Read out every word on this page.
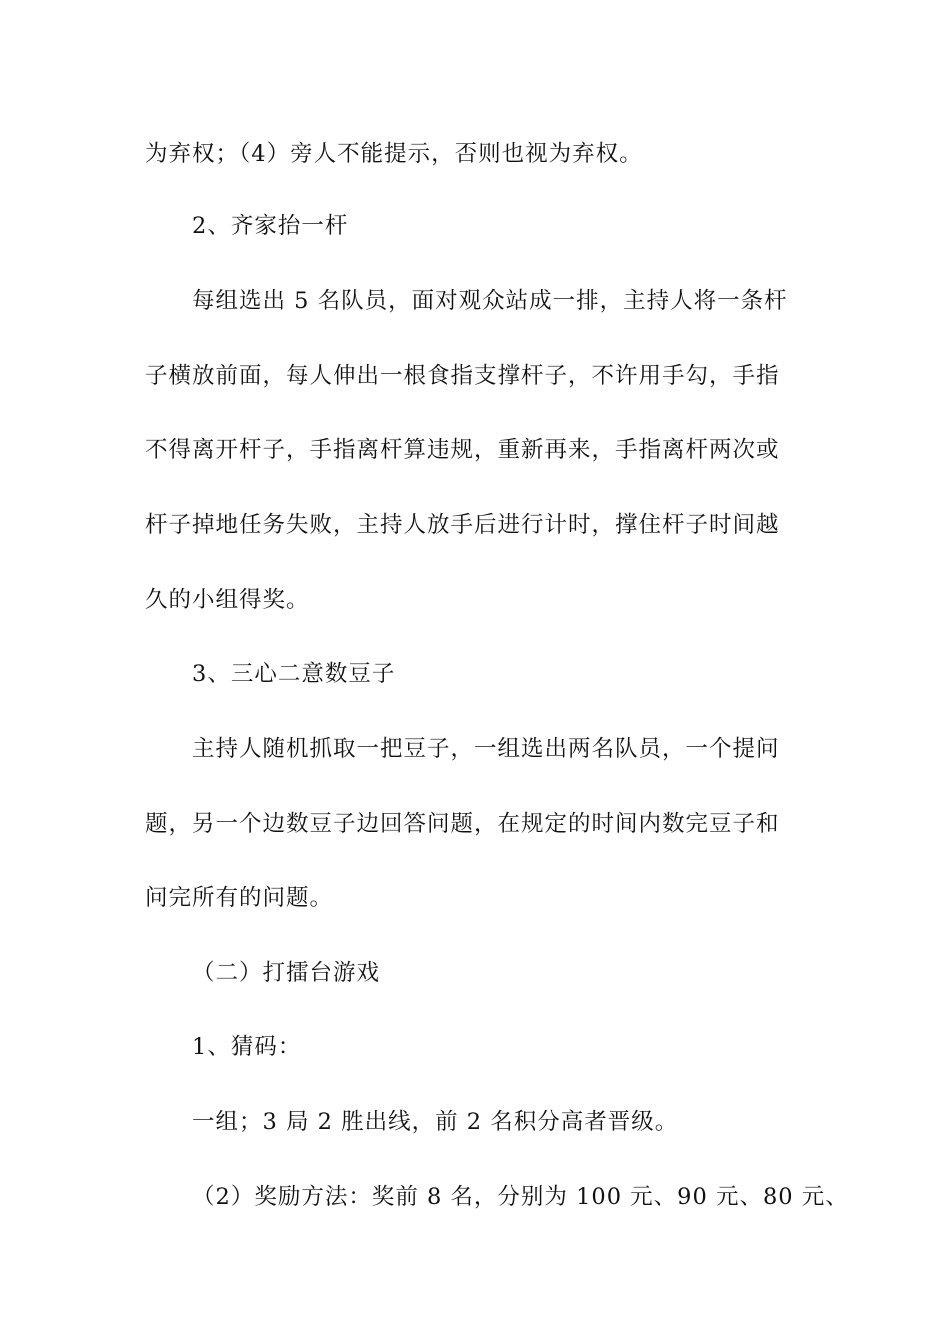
为弃权；（4）旁人不能提示，否则也视为弃权。
2、齐家抬一杆
每组选出 5 名队员，面对观众站成一排，主持人将一条杆
子横放前面，每人伸出一根食指支撑杆子，不许用手勾，手指
不得离开杆子，手指离杆算违规，重新再来，手指离杆两次或
杆子掉地任务失败，主持人放手后进行计时，撑住杆子时间越
久的小组得奖。
3、三心二意数豆子
主持人随机抓取一把豆子，一组选出两名队员，一个提问
题，另一个边数豆子边回答问题，在规定的时间内数完豆子和
问完所有的问题。
（二）打擂台游戏
1、猜码：
一组；3 局 2 胜出线，前 2 名积分高者晋级。
（2）奖励方法：奖前 8 名，分别为 100 元、90 元、80 元、
